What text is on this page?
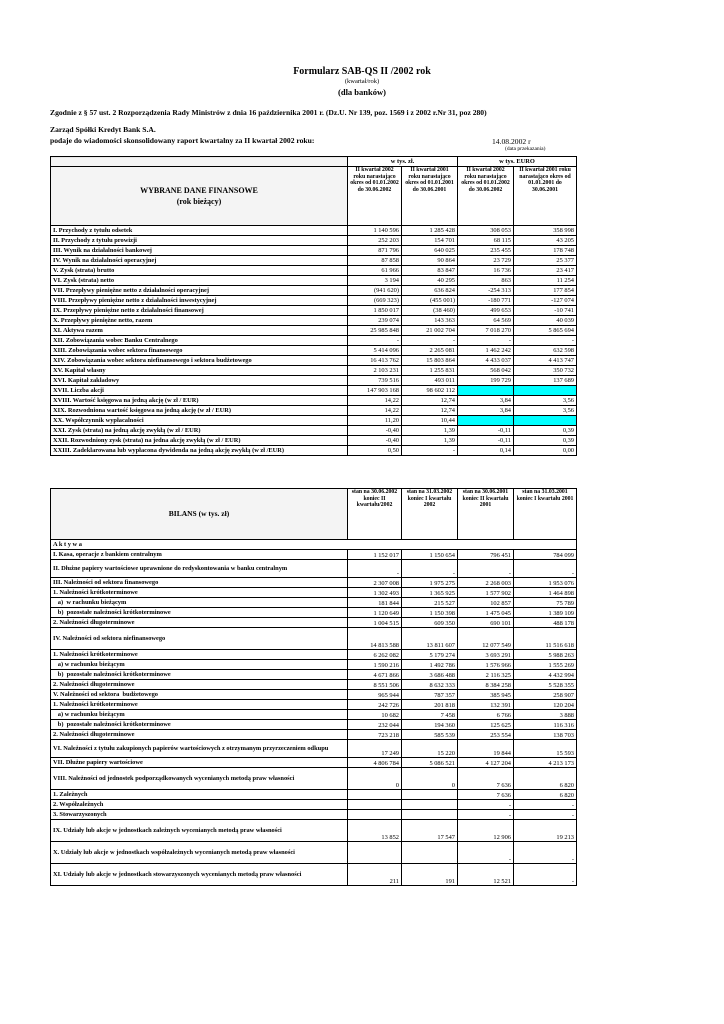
Formularz SAB-QS II /2002 rok
(kwartał/rok)
(dla banków)
Zgodnie z § 57 ust. 2 Rozporządzenia Rady Ministrów z dnia 16 października 2001 r. (Dz.U. Nr 139, poz. 1569 i z 2002 r.Nr 31, poz 280)
Zarząd Spółki Kredyt Bank S.A.
podaje do wiadomości skonsolidowany raport kwartalny za II kwartał 2002 roku:	14.08.2002 r
(data przekazania)
	w tys. zł.		w tys. EURO	

WYBRANE DANE FINANSOWE
(rok bieżący)	II kwartał 2002 roku narastająco okres od 01.01.2002 do 30.06.2002	II kwartał 2001 roku narastająco okres od 01.01.2001 do 30.06.2001	II kwartał 2002 roku narastająco okres od 01.01.2002 do 30.06.2002	II kwartał 2001 roku narastająco okres od 01.01.2001 do 30.06.2001
I. Przychody z tytułu odsetek	1 140 596	1 285 428	308 053	358 998
II. Przychody z tytułu prowizji	252 203	154 701	68 115	43 205
III. Wynik na działalności bankowej	871 796	640 025	235 455	178 748
IV. Wynik na działalności operacyjnej	87 858	90 864	23 729	25 377
V. Zysk (strata) brutto	61 966	83 847	16 736	23 417
VI. Zysk (strata) netto	3 194	40 295	863	11 254
VII. Przepływy pieniężne netto z działalności operacyjnej	(941 620)	636 824	-254 313	177 854
VIII. Przepływy pieniężne netto z działalności inwestycyjnej	(669 323)	(455 001)	-180 771	-127 074
IX. Przepływy pieniężne netto z działalności finansowej	1 850 017	(38 460)	499 653	-10 741
X. Przepływy pieniężne netto, razem	239 074	143 363	64 569	40 039
XI. Aktywa razem	25 985 848	21 002 704	7 018 270	5 865 694
XII. Zobowiązania wobec Banku Centralnego	-	-	-	-
XIII. Zobowiązania wobec sektora finansowego	5 414 096	2 265 081	1 462 242	632 598
XIV. Zobowiązania wobec sektora niefinansowego i sektora budżetowego	16 413 762	15 803 864	4 433 037	4 413 747
XV. Kapitał własny	2 103 231	1 255 831	568 042	350 732
XVI. Kapitał zakładowy	739 516	493 011	199 729	137 689
XVII. Liczba akcji	147 903 168	98 602 112		
XVIII. Wartość księgowa na jedną akcję (w zł / EUR)	14,22	12,74	3,84	3,56
XIX. Rozwodniona wartość księgowa na jedną akcję (w zł / EUR)	14,22	12,74	3,84	3,56
XX. Współczynnik wypłacalności	11,20	10,44		
XXI. Zysk (strata) na jedną akcję zwykłą (w zł / EUR)	-0,40	1,39	-0,11	0,39
XXII. Rozwodniony zysk (strata) na jedna akcję zwykłą (w zł / EUR)	-0,40	1,39	-0,11	0,39
XXIII. Zadeklarowana lub wypłacona dywidenda na jedną akcję zwykłą (w zł /EUR)	0,50	-	0,14	0,00
BILANS (w tys. zł)	stan na 30.06.2002 koniec II kwartału/2002	stan na 31.03.2002 koniec I kwartału 2002	stan na 30.06.2001 koniec II kwartału 2001	stan na 31.03.2001 koniec I kwartału 2001
A k t y w a				
I. Kasa, operacje z bankiem centralnym	1 152 017	1 150 654	796 451	784 099
II. Dłużne papiery wartościowe uprawnione do redyskontowania w banku centralnym	-	-	-	-
III. Należności od sektora finansowego	2 307 008	1 975 275	2 268 003	1 953 076
1. Należności krótkoterminowe	1 302 493	1 365 925	1 577 902	1 464 898
a)  w rachunku bieżącym	181 844	215 527	102 857	75 789
b)  pozostałe należności krótkoterminowe	1 120 649	1 150 398	1 475 045	1 389 109
2. Należności długoterminowe	1 004 515	609 350	690 101	488 178
IV. Należności od sektora niefinansowego	14 813 588	13 811 607	12 077 549	11 516 618
1. Należności krótkoterminowe	6 262 082	5 179 274	3 693 291	5 988 263
a) w rachunku bieżącym	1 590 216	1 492 786	1 576 966	1 555 269
b)  pozostałe należności krótkoterminowe	4 671 866	3 686 488	2 116 325	4 432 994
2. Należności długoterminowe	8 551 506	8 632 333	8 384 258	5 528 355
V. Należności od sektora  budżetowego	965 944	787 357	385 945	258 907
1. Należności krótkoterminowe	242 726	201 818	132 391	120 204
a) w rachunku bieżącym	10 682	7 458	6 766	3 888
b)  pozostałe należności krótkoterminowe	232 044	194 360	125 625	116 316
2. Należności długoterminowe	723 218	585 539	253 554	138 703
VI. Należności z tytułu zakupionych papierów wartościowych z otrzymanym przyrzeczeniem odkupu	17 249	15 220	19 844	15 593
VII. Dłużne papiery wartościowe	4 806 784	5 086 521	4 127 204	4 213 173
VIII. Należności od jednostek podporządkowanych wycenianych metodą praw własności	0	0	7 636	6 820
1. Zależnych			7 636	6 820
2. Współzależnych			-	-
3. Stowarzyszonych			-	-
IX. Udziały lub akcje w jednostkach zależnych wycenianych metodą praw własności	13 852	17 547	12 906	19 213
X. Udziały lub akcje w jednostkach współzależnych wycenianych metodą praw własności			-	-
XI. Udziały lub akcje w jednostkach stowarzyszonych wycenianych metodą praw własności	211	191	12 521	-
